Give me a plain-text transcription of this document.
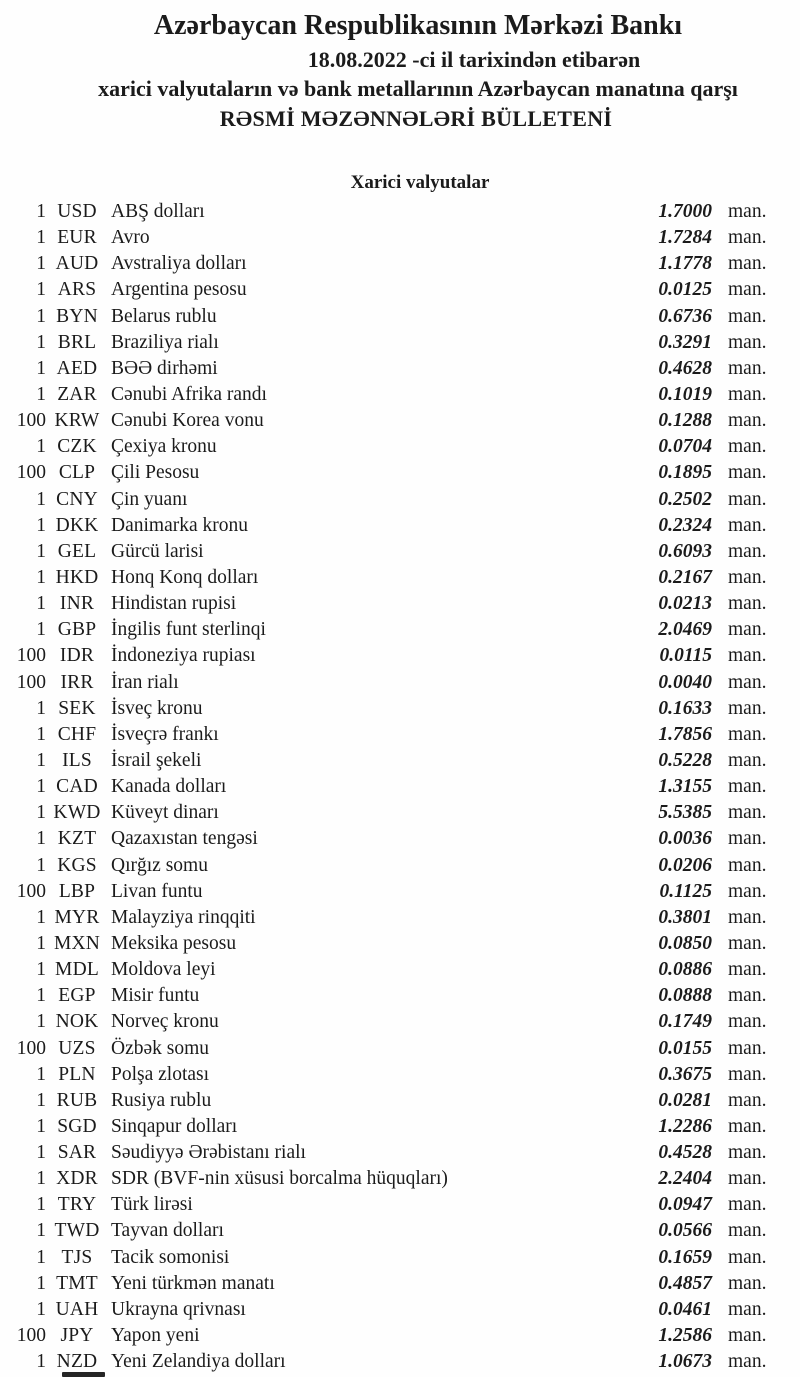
Azərbaycan Respublikasının Mərkəzi Bankı
18.08.2022 -ci il tarixindən etibarən
xarici valyutaların və bank metallarının Azərbaycan manatına qarşı
RƏSMİ MƏZƏNNƏLƏRİ BÜLLETENİ
Xarici valyutalar
1 USD ABŞ dolları	1.7000 man.
1 EUR Avro	1.7284 man.
1 AUD Avstraliya dolları	1.1778 man.
1 ARS Argentina pesosu	0.0125 man.
1 BYN Belarus rublu	0.6736 man.
1 BRL Braziliya rialı	0.3291 man.
1 AED BƏƏ dirhəmi	0.4628 man.
1 ZAR Cənubi Afrika randı	0.1019 man.
100 KRW Cənubi Korea vonu	0.1288 man.
1 CZK Çexiya kronu	0.0704 man.
100 CLP Çili Pesosu	0.1895 man.
1 CNY Çin yuanı	0.2502 man.
1 DKK Danimarka kronu	0.2324 man.
1 GEL Gürcü larisi	0.6093 man.
1 HKD Honq Konq dolları	0.2167 man.
1 INR Hindistan rupisi	0.0213 man.
1 GBP İngilis funt sterlinqi	2.0469 man.
100 IDR İndoneziya rupiası	0.0115 man.
100 IRR İran rialı	0.0040 man.
1 SEK İsveç kronu	0.1633 man.
1 CHF İsveçrə frankı	1.7856 man.
1 ILS İsrail şekeli	0.5228 man.
1 CAD Kanada dolları	1.3155 man.
1 KWD Küveyt dinarı	5.5385 man.
1 KZT Qazaxıstan tengəsi	0.0036 man.
1 KGS Qırğız somu	0.0206 man.
100 LBP Livan funtu	0.1125 man.
1 MYR Malayziya rinqqiti	0.3801 man.
1 MXN Meksika pesosu	0.0850 man.
1 MDL Moldova leyi	0.0886 man.
1 EGP Misir funtu	0.0888 man.
1 NOK Norveç kronu	0.1749 man.
100 UZS Özbək somu	0.0155 man.
1 PLN Polşa zlotası	0.3675 man.
1 RUB Rusiya rublu	0.0281 man.
1 SGD Sinqapur dolları	1.2286 man.
1 SAR Səudiyyə Ərəbistanı rialı	0.4528 man.
1 XDR SDR (BVF-nin xüsusi borcalma hüquqları)	2.2404 man.
1 TRY Türk lirəsi	0.0947 man.
1 TWD Tayvan dolları	0.0566 man.
1 TJS Tacik somonisi	0.1659 man.
1 TMT Yeni türkmən manatı	0.4857 man.
1 UAH Ukrayna qrivnası	0.0461 man.
100 JPY Yapon yeni	1.2586 man.
1 NZD Yeni Zelandiya dolları	1.0673 man.
